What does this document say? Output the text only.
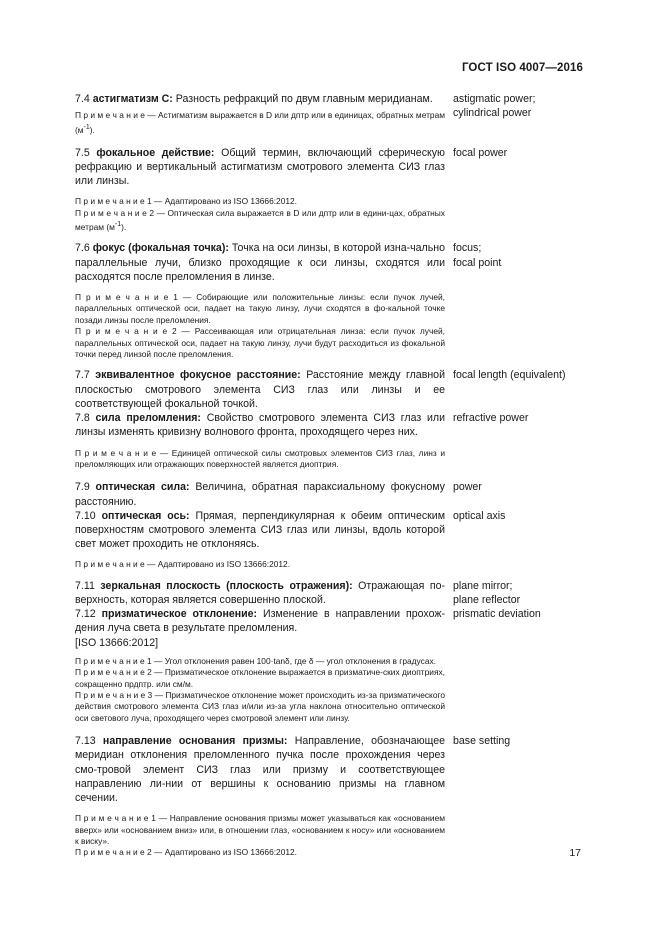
ГОСТ ISO 4007—2016
7.4 астигматизм С: Разность рефракций по двум главным меридианам.	astigmatic power;
cylindrical power
П р и м е ч а н и е — Астигматизм выражается в D или дптр или в единицах, обратных метрам $(м^{-1})$.
7.5 фокальное действие: Общий термин, включающий сферическую рефракцию и вертикальный астигматизм смотрового элемента СИЗ глаз или линзы.
focal power
П р и м е ч а н и е 1 — Адаптировано из ISO 13666:2012.
П р и м е ч а н и е 2 — Оптическая сила выражается в D или дптр или в едини-цах, обратных метрам $(м^{-1})$.
7.6 фокус (фокальная точка): Точка на оси линзы, в которой изна-чально параллельные лучи, близко проходящие к оси линзы, сходятся или расходятся после преломления в линзе.
focus;
focal point
П р и м е ч а н и е 1 — Собирающие или положительные линзы: если пучок лучей, параллельных оптической оси, падает на такую линзу, лучи сходятся в фо-кальной точке позади линзы после преломления.
П р и м е ч а н и е 2 — Рассеивающая или отрицательная линза: если пучок лучей, параллельных оптической оси, падает на такую линзу, лучи будут расходиться из фокальной точки перед линзой после преломления.
7.7 эквивалентное фокусное расстояние: Расстояние между главной плоскостью смотрового элемента СИЗ глаз или линзы и ее соответствующей фокальной точкой.
focal length (equivalent)
7.8 сила преломления: Свойство смотрового элемента СИЗ глаз или линзы изменять кривизну волнового фронта, проходящего через них.
refractive power
П р и м е ч а н и е — Единицей оптической силы смотровых элементов СИЗ глаз, линз и преломляющих или отражающих поверхностей является диоптрия.
7.9 оптическая сила: Величина, обратная параксиальному фокусному расстоянию.
power
7.10 оптическая ось: Прямая, перпендикулярная к обеим оптическим поверхностям смотрового элемента СИЗ глаз или линзы, вдоль которой свет может проходить не отклоняясь.
optical axis
П р и м е ч а н и е — Адаптировано из ISO 13666:2012.
7.11 зеркальная плоскость (плоскость отражения): Отражающая по-верхность, которая является совершенно плоской.
plane mirror;
plane reflector
7.12 призматическое отклонение: Изменение в направлении прохож-дения луча света в результате преломления.
prismatic deviation
[ISO 13666:2012]
П р и м е ч а н и е 1 — Угол отклонения равен 100·tanδ, где δ — угол отклонения в градусах.
П р и м е ч а н и е 2 — Призматическое отклонение выражается в призматиче-ских диоптриях, сокращенно прдптр. или см/м.
П р и м е ч а н и е 3 — Призматическое отклонение может происходить из-за призматического действия смотрового элемента СИЗ глаз и/или из-за угла наклона относительно оптической оси светового луча, проходящего через смотровой элемент или линзу.
7.13 направление основания призмы: Направление, обозначающее меридиан отклонения преломленного пучка после прохождения через смо-тровой элемент СИЗ глаз или призму и соответствующее направлению ли-нии от вершины к основанию призмы на главном сечении.
base setting
П р и м е ч а н и е 1 — Направление основания призмы может указываться как «основанием вверх» или «основанием вниз» или, в отношении глаз, «основанием к носу» или «основанием к виску».
П р и м е ч а н и е 2 — Адаптировано из ISO 13666:2012.	17
